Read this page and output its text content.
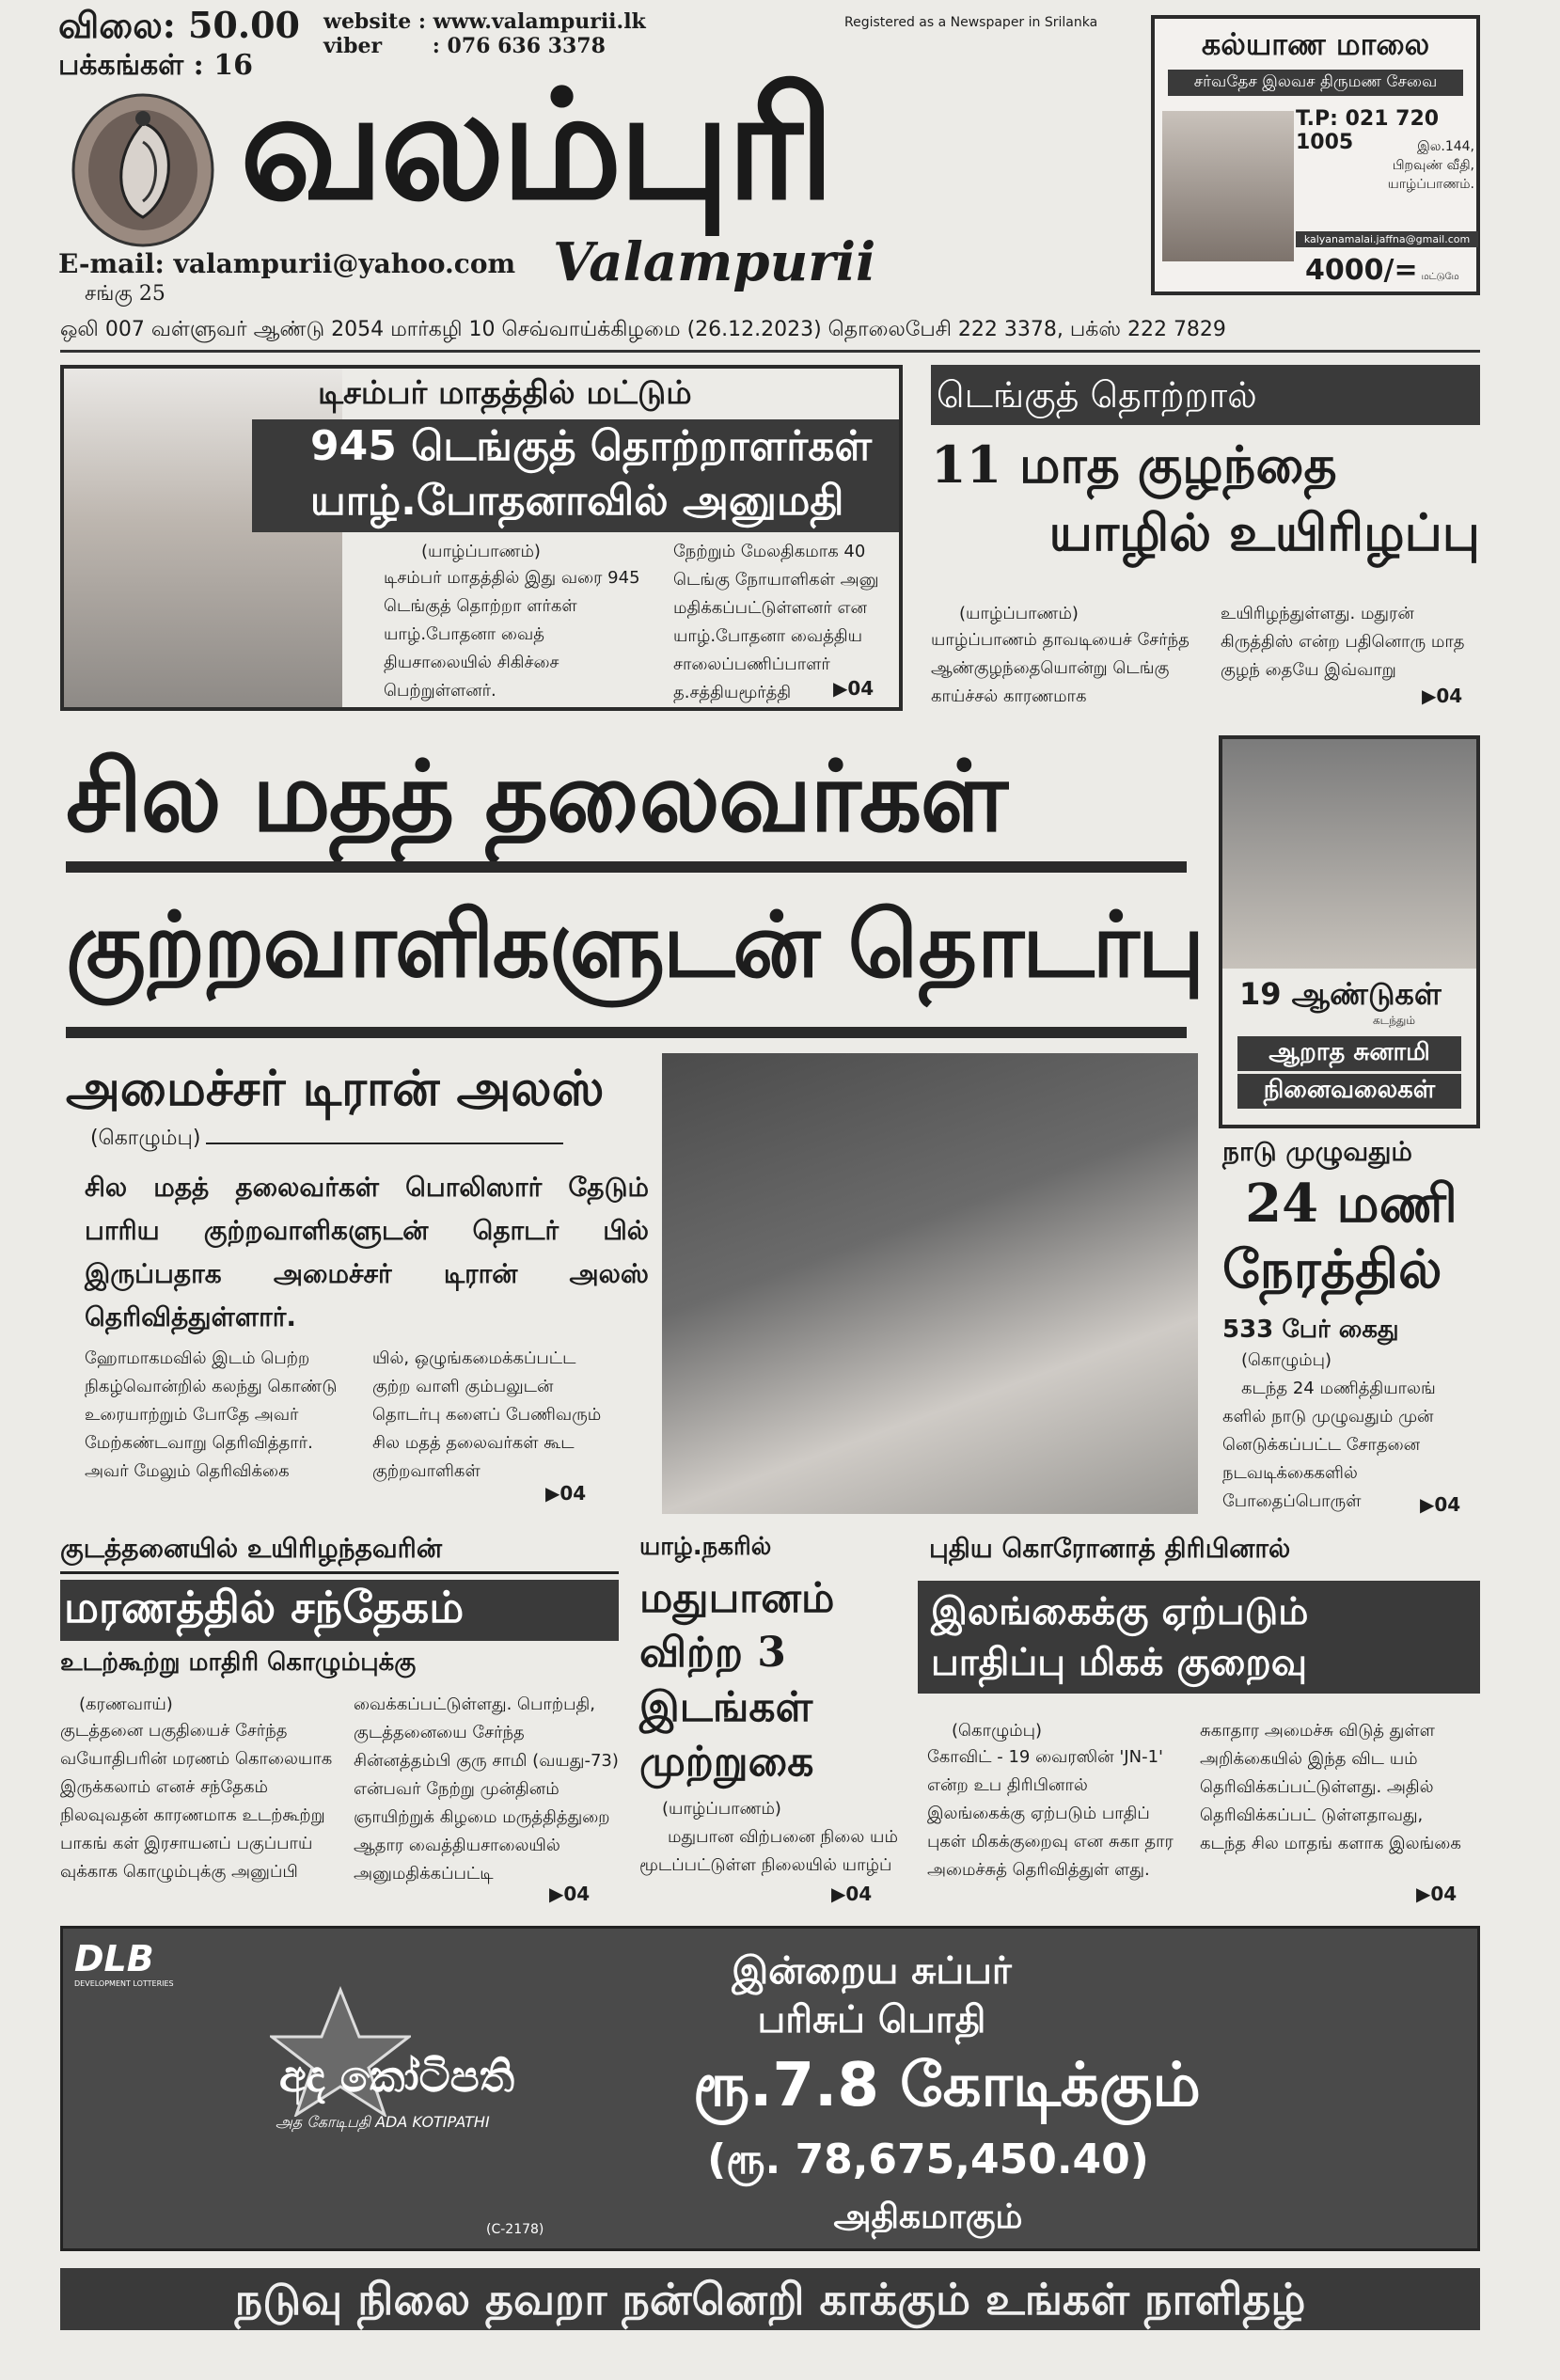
விலை: 50.00
பக்கங்கள் : 16
website : www.valampurii.lk
viber       : 076 636 3378
Registered as a Newspaper in Srilanka
வலம்புரி
Valampurii
E-mail: valampurii@yahoo.com
சங்கு 25
ஒலி 007 வள்ளுவர் ஆண்டு 2054 மார்கழி 10 செவ்வாய்க்கிழமை (26.12.2023) தொலைபேசி 222 3378, பக்ஸ் 222 7829
கல்யாண மாலை
சர்வதேச இலவச திருமண சேவை
T.P: 021 720 1005	இல.144, பிறவுண் வீதி, யாழ்ப்பாணம்.
kalyanamalai.jaffna@gmail.com
4000/= மட்டுமே
டிசம்பர் மாதத்தில் மட்டும்
945 டெங்குத் தொற்றாளர்கள்
யாழ்.போதனாவில் அனுமதி
(யாழ்ப்பாணம்)
டிசம்பர் மாதத்தில் இது வரை 945 டெங்குத் தொற்றா ளர்கள் யாழ்.போதனா வைத் தியசாலையில் சிகிச்சை பெற்றுள்ளனர்.
நேற்றும் மேலதிகமாக 40 டெங்கு நோயாளிகள் அனு மதிக்கப்பட்டுள்ளனர் என யாழ்.போதனா வைத்திய சாலைப்பணிப்பாளர் த.சத்தியமூர்த்தி	▶04
டெங்குத் தொற்றால்
11 மாத குழந்தை
யாழில் உயிரிழப்பு
(யாழ்ப்பாணம்)
யாழ்ப்பாணம் தாவடியைச் சேர்ந்த ஆண்குழந்தையொன்று டெங்கு காய்ச்சல் காரணமாக
உயிரிழந்துள்ளது. மதுரன் கிருத்திஸ் என்ற பதினொரு மாத குழந் தையே இவ்வாறு
▶04
சில மதத் தலைவர்கள்
குற்றவாளிகளுடன் தொடர்பு
அமைச்சர் டிரான் அலஸ்
(கொழும்பு)
சில மதத் தலைவர்கள் பொலிஸார் தேடும் பாரிய குற்றவாளிகளுடன் தொடர் பில் இருப்பதாக அமைச்சர் டிரான் அலஸ் தெரிவித்துள்ளார்.
ஹோமாகமவில் இடம் பெற்ற நிகழ்வொன்றில் கலந்து கொண்டு உரையாற்றும் போதே அவர் மேற்கண்டவாறு தெரிவித்தார். அவர் மேலும் தெரிவிக்கை
யில், ஒழுங்கமைக்கப்பட்ட குற்ற வாளி கும்பலுடன் தொடர்பு களைப் பேணிவரும் சில மதத் தலைவர்கள் கூட குற்றவாளிகள்
▶04
19 ஆண்டுகள்
கடந்தும்
ஆறாத சுனாமி
நினைவலைகள்
நாடு முழுவதும்
24 மணி
நேரத்தில்
533 பேர் கைது
(கொழும்பு)
கடந்த 24 மணித்தியாலங் களில் நாடு முழுவதும் முன் னெடுக்கப்பட்ட சோதனை நடவடிக்கைகளில் போதைப்பொருள்	▶04
குடத்தனையில் உயிரிழந்தவரின்
மரணத்தில் சந்தேகம்
உடற்கூற்று மாதிரி கொழும்புக்கு
(கரணவாய்)
குடத்தனை பகுதியைச் சேர்ந்த வயோதிபரின் மரணம் கொலையாக இருக்கலாம் எனச் சந்தேகம் நிலவுவதன் காரணமாக உடற்கூற்று பாகங் கள் இரசாயனப் பகுப்பாய் வுக்காக கொழும்புக்கு அனுப்பி
வைக்கப்பட்டுள்ளது. பொற்பதி, குடத்தனையை சேர்ந்த சின்னத்தம்பி குரு சாமி (வயது-73) என்பவர் நேற்று முன்தினம் ஞாயிற்றுக் கிழமை மருத்தித்துறை ஆதார வைத்தியசாலையில் அனுமதிக்கப்பட்டி
▶04
யாழ்.நகரில்
மதுபானம் விற்ற 3 இடங்கள் முற்றுகை
(யாழ்ப்பாணம்)
மதுபான விற்பனை நிலை யம் மூடப்பட்டுள்ள நிலையில் யாழ்ப்
▶04
புதிய கொரோனாத் திரிபினால்
இலங்கைக்கு ஏற்படும்
பாதிப்பு மிகக் குறைவு
(கொழும்பு)
கோவிட் - 19 வைரஸின் 'JN-1' என்ற உப திரிபினால் இலங்கைக்கு ஏற்படும் பாதிப் புகள் மிகக்குறைவு என சுகா தார அமைச்சுத் தெரிவித்துள் ளது.
சுகாதார அமைச்சு விடுத் துள்ள அறிக்கையில் இந்த விட யம் தெரிவிக்கப்பட்டுள்ளது. அதில் தெரிவிக்கப்பட் டுள்ளதாவது, கடந்த சில மாதங் களாக இலங்கை
▶04
DLB
DEVELOPMENT LOTTERIES
අද කෝටිපති
அத கோடிபதி ADA KOTIPATHI
(C-2178)
இன்றைய சுப்பர்
பரிசுப் பொதி
ரூ.7.8 கோடிக்கும்
(ரூ. 78,675,450.40)
அதிகமாகும்
நடுவு நிலை தவறா நன்னெறி காக்கும் உங்கள் நாளிதழ்
